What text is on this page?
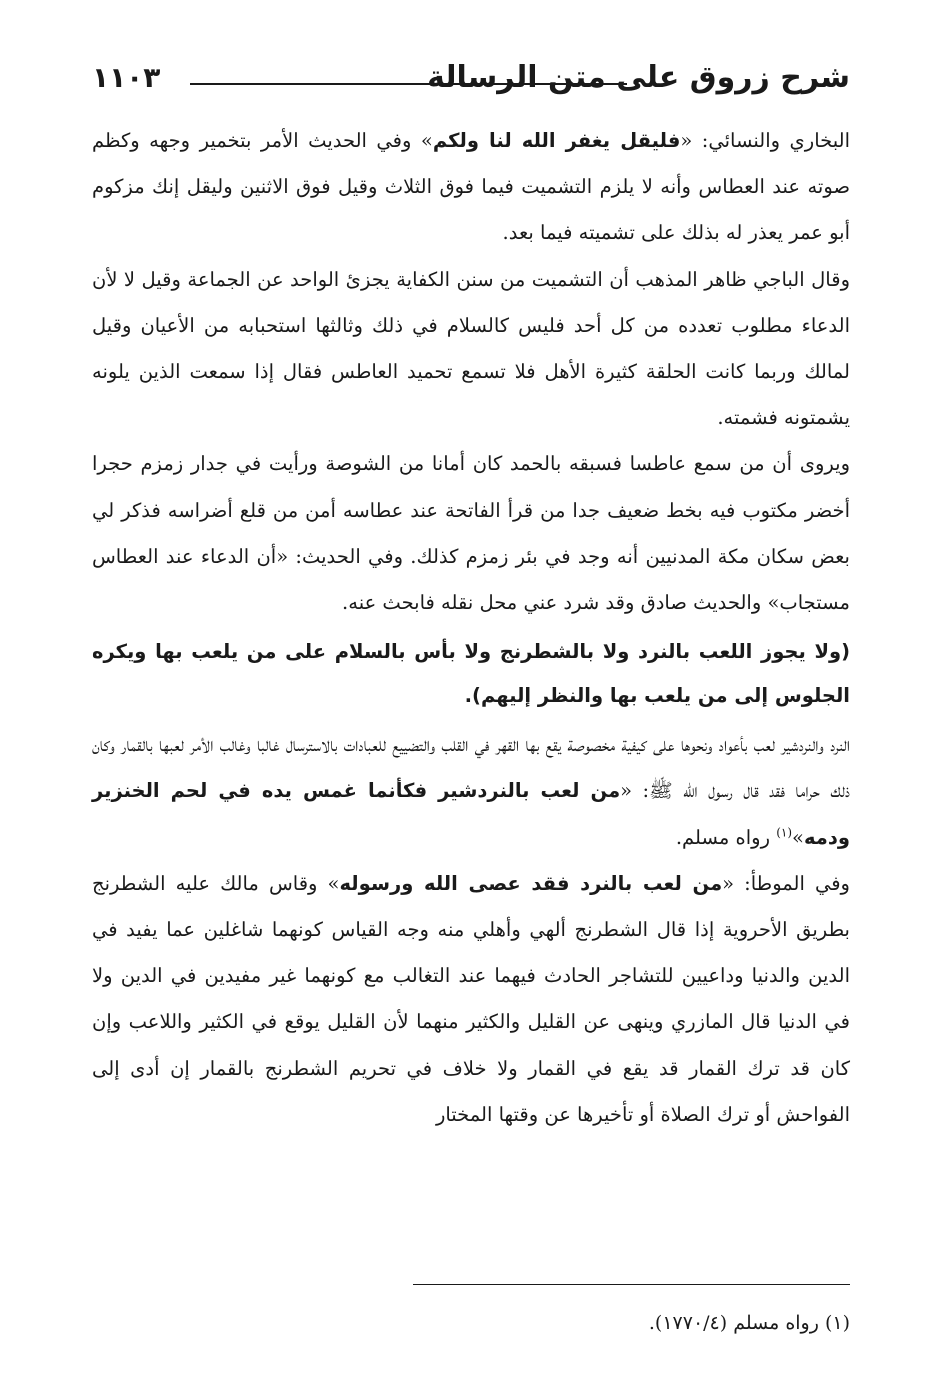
شرح زروق على متن الرسالة
١١٠٣

البخاري والنسائي: «فليقل يغفر الله لنا ولكم» وفي الحديث الأمر بتخمير وجهه وكظم صوته عند العطاس وأنه لا يلزم التشميت فيما فوق الثلاث وقيل فوق الاثنين وليقل إنك مزكوم أبو عمر يعذر له بذلك على تشميته فيما بعد.

وقال الباجي ظاهر المذهب أن التشميت من سنن الكفاية يجزئ الواحد عن الجماعة وقيل لا لأن الدعاء مطلوب تعدده من كل أحد فليس كالسلام في ذلك وثالثها استحبابه من الأعيان وقيل لمالك وربما كانت الحلقة كثيرة الأهل فلا تسمع تحميد العاطس فقال إذا سمعت الذين يلونه يشمتونه فشمته.

ويروى أن من سمع عاطسا فسبقه بالحمد كان أمانا من الشوصة ورأيت في جدار زمزم حجرا أخضر مكتوب فيه بخط ضعيف جدا من قرأ الفاتحة عند عطاسه أمن من قلع أضراسه فذكر لي بعض سكان مكة المدنيين أنه وجد في بئر زمزم كذلك. وفي الحديث: «أن الدعاء عند العطاس مستجاب» والحديث صادق وقد شرد عني محل نقله فابحث عنه.

(ولا يجوز اللعب بالنرد ولا بالشطرنج ولا بأس بالسلام على من يلعب بها ويكره الجلوس إلى من يلعب بها والنظر إليهم).

النرد والنردشير لعب بأعواد ونحوها على كيفية مخصوصة يقع بها القهر في القلب والتضييع للعبادات بالاسترسال غالبا وغالب الأمر لعبها بالقمار وكان ذلك حراما فقد قال رسول الله ﷺ: «من لعب بالنردشير فكأنما غمس يده في لحم الخنزير ودمه»$^{(١)}$ رواه مسلم.

وفي الموطأ: «من لعب بالنرد فقد عصى الله ورسوله» وقاس مالك عليه الشطرنج بطريق الأحروية إذا قال الشطرنج ألهي وأهلي منه وجه القياس كونهما شاغلين عما يفيد في الدين والدنيا وداعيين للتشاجر الحادث فيهما عند التغالب مع كونهما غير مفيدين في الدين ولا في الدنيا قال المازري وينهى عن القليل والكثير منهما لأن القليل يوقع في الكثير واللاعب وإن كان قد ترك القمار قد يقع في القمار ولا خلاف في تحريم الشطرنج بالقمار إن أدى إلى الفواحش أو ترك الصلاة أو تأخيرها عن وقتها المختار

(١) رواه مسلم (١٧٧٠/٤).
